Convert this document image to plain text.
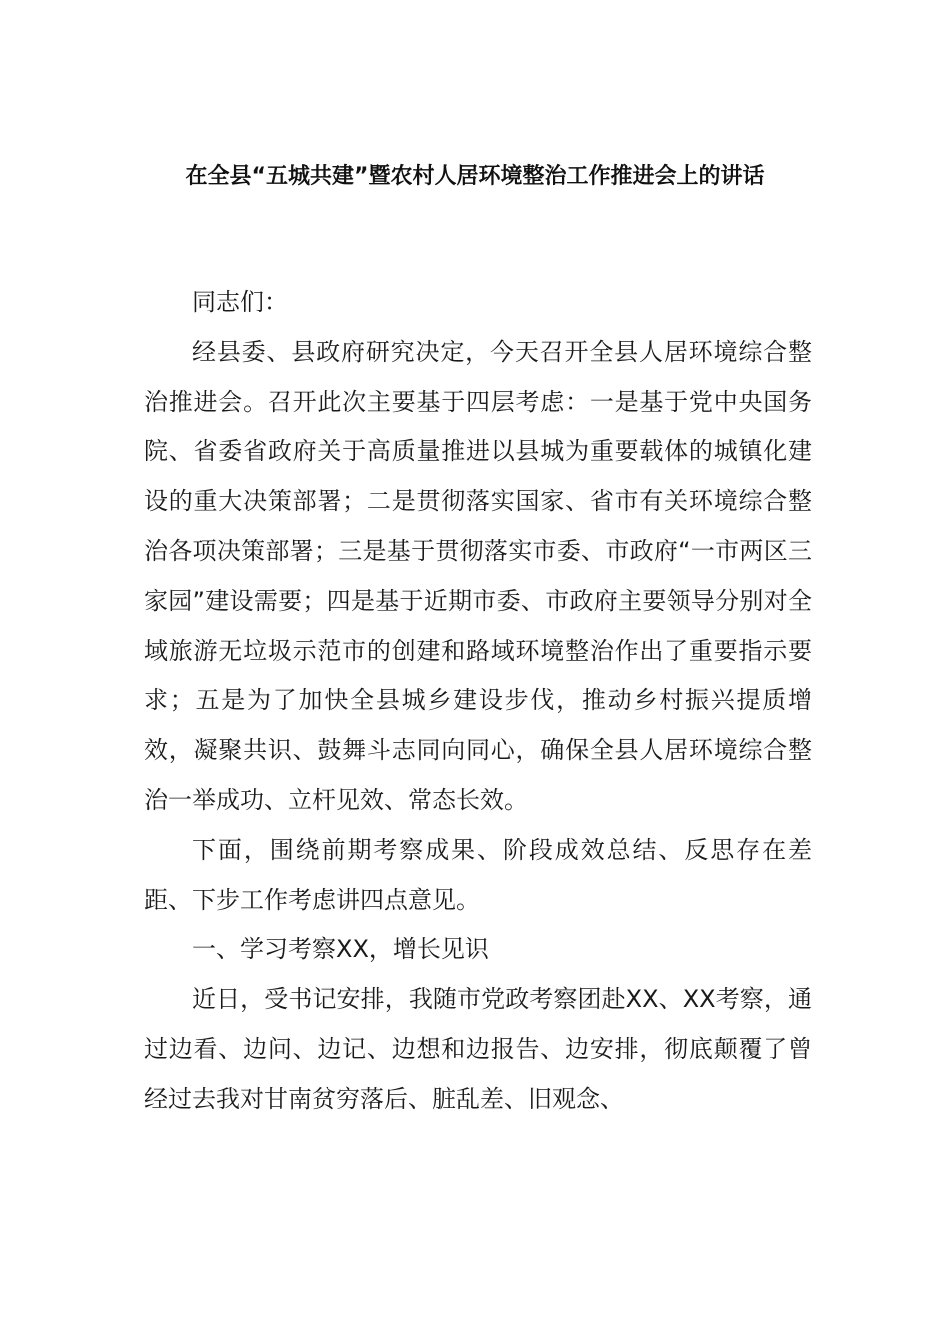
在全县“五城共建”暨农村人居环境整治工作推进会上的讲话

同志们：

经县委、县政府研究决定，今天召开全县人居环境综合整治推进会。召开此次主要基于四层考虑：一是基于党中央国务院、省委省政府关于高质量推进以县城为重要载体的城镇化建设的重大决策部署；二是贯彻落实国家、省市有关环境综合整治各项决策部署；三是基于贯彻落实市委、市政府“一市两区三家园”建设需要；四是基于近期市委、市政府主要领导分别对全域旅游无垃圾示范市的创建和路域环境整治作出了重要指示要求；五是为了加快全县城乡建设步伐，推动乡村振兴提质增效，凝聚共识、鼓舞斗志同向同心，确保全县人居环境综合整治一举成功、立杆见效、常态长效。

下面，围绕前期考察成果、阶段成效总结、反思存在差距、下步工作考虑讲四点意见。

一、学习考察XX，增长见识

近日，受书记安排，我随市党政考察团赴XX、XX考察，通过边看、边问、边记、边想和边报告、边安排，彻底颠覆了曾经过去我对甘南贫穷落后、脏乱差、旧观念、
